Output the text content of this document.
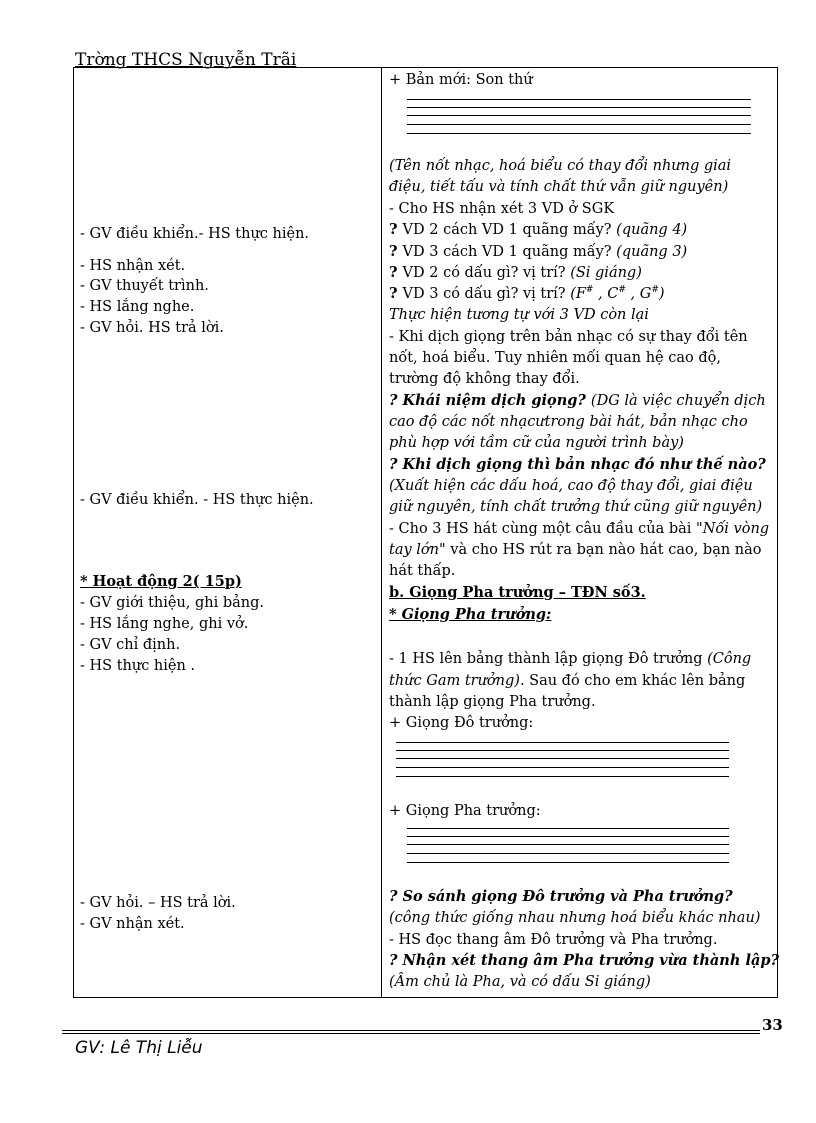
Trờng THCS Nguyễn Trãi
- GV điều khiển.- HS thực hiện.
- HS nhận xét.
- GV thuyết trình.
- HS lắng nghe.
- GV hỏi. HS trả lời.
- GV điều khiển. - HS thực hiện.
* Hoạt động 2( 15p)
- GV giới thiệu, ghi bảng.
- HS lắng nghe, ghi vở.
- GV chỉ định.
- HS thực hiện .
- GV hỏi. – HS trả lời.
- GV nhận xét.
+ Bản mới: Son thứ
(Tên nốt nhạc, hoá biểu có thay đổi nhưng giai
điệu, tiết tấu và tính chất thứ vẫn giữ nguyên)
- Cho HS nhận xét 3 VD ở SGK
? VD 2 cách VD 1 quãng mấy? (quãng 4)
? VD 3 cách VD 1 quãng mấy? (quãng 3)
? VD 2 có dấu gì? vị trí? (Si giáng)
? VD 3 có dấu gì? vị trí? (F# , C# , G#)
Thực hiện tương tự với 3 VD còn lại
- Khi dịch giọng trên bản nhạc có sự thay đổi tên
nốt, hoá biểu. Tuy nhiên mối quan hệ cao độ,
trường độ không thay đổi.
? Khái niệm dịch giọng? (DG là việc chuyển dịch
cao độ các nốt nhạcưtrong bài hát, bản nhạc cho
phù hợp với tầm cữ của người trình bày)
? Khi dịch giọng thì bản nhạc đó như thế nào?
(Xuất hiện các dấu hoá, cao độ thay đổi, giai điệu
giữ nguyên, tính chất trưởng thứ cũng giữ nguyên)
- Cho 3 HS hát cùng một câu đầu của bài "Nối vòng
tay lớn" và cho HS rút ra bạn nào hát cao, bạn nào
hát thấp.
b. Giọng Pha trưởng – TĐN số3.
* Giọng Pha trưởng:
- 1 HS lên bảng thành lập giọng Đô trưởng (Công
thức Gam trưởng). Sau đó cho em khác lên bảng
thành lập giọng Pha trưởng.
+ Giọng Đô trưởng:
+ Giọng Pha trưởng:
? So sánh giọng Đô trưởng và Pha trưởng?
(công thức giống nhau nhưng hoá biểu khác nhau)
- HS đọc thang âm Đô trưởng và Pha trưởng.
? Nhận xét thang âm Pha trưởng vừa thành lập?
(Âm chủ là Pha, và có dấu Si giáng)
33
GV: Lê Thị Liễu
